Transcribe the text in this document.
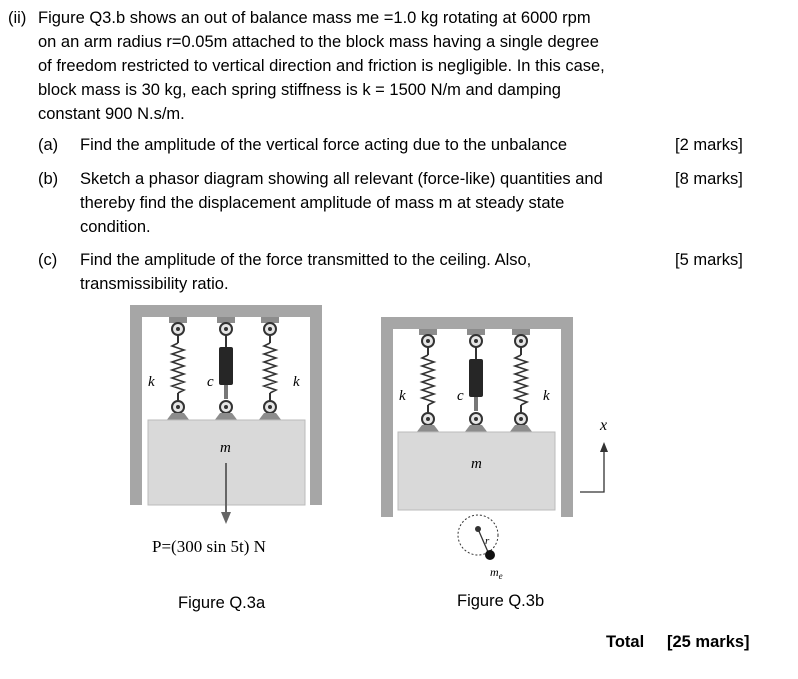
(ii) Figure Q3.b shows an out of balance mass me =1.0 kg rotating at 6000 rpm
on an arm radius r=0.05m attached to the block mass having a single degree
of freedom restricted to vertical direction and friction is negligible. In this case,
block mass is 30 kg, each spring stiffness is k = 1500 N/m and damping
constant 900 N.s/m.
(a) Find the amplitude of the vertical force acting due to the unbalance	[2 marks]
(b) Sketch a phasor diagram showing all relevant (force-like) quantities and
thereby find the displacement amplitude of mass m at steady state
condition.
[8 marks]
(c) Find the amplitude of the force transmitted to the ceiling. Also,
transmissibility ratio.
[5 marks]
k	c	k
m
P=(300 sin 5t) N
k	c	k
m
r
$m_e$
x
Figure Q.3a	Figure Q.3b
Total [25 marks]
